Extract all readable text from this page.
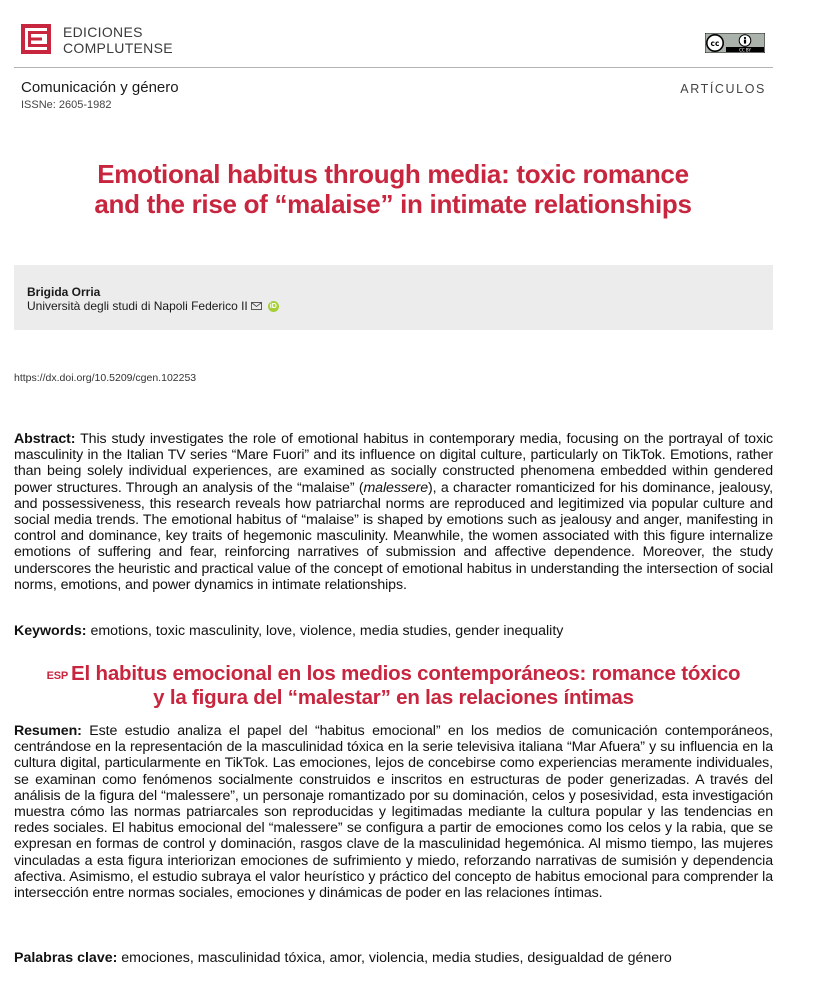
EDICIONES
COMPLUTENSE	cc
CC BY
Comunicación y género
ISSNe: 2605-1982
ARTÍCULOS
Emotional habitus through media: toxic romance
and the rise of “malaise” in intimate relationships
Brigida Orria
Università degli studi di Napoli Federico II	iD
https://dx.doi.org/10.5209/cgen.102253

Abstract: This study investigates the role of emotional habitus in contemporary media, focusing on the portrayal of toxic masculinity in the Italian TV series “Mare Fuori” and its influence on digital culture, particularly on TikTok. Emotions, rather than being solely individual experiences, are examined as socially constructed phenomena embedded within gendered power structures. Through an analysis of the “malaise” (malessere), a character romanticized for his dominance, jealousy, and possessiveness, this research reveals how patriarchal norms are reproduced and legitimized via popular culture and social media trends. The emotional habitus of “malaise” is shaped by emotions such as jealousy and anger, manifesting in control and dominance, key traits of hegemonic masculinity. Meanwhile, the women associated with this figure internalize emotions of suffering and fear, reinforcing narratives of submission and affective dependence. Moreover, the study underscores the heuristic and practical value of the concept of emotional habitus in understanding the intersection of social norms, emotions, and power dynamics in intimate relationships.

Keywords: emotions, toxic masculinity, love, violence, media studies, gender inequality

$^{ESP}$ El habitus emocional en los medios contemporáneos: romance tóxico
y la figura del “malestar” en las relaciones íntimas

Resumen: Este estudio analiza el papel del “habitus emocional” en los medios de comunicación contemporáneos, centrándose en la representación de la masculinidad tóxica en la serie televisiva italiana “Mar Afuera” y su influencia en la cultura digital, particularmente en TikTok. Las emociones, lejos de concebirse como experiencias meramente individuales, se examinan como fenómenos socialmente construidos e inscritos en estructuras de poder generizadas. A través del análisis de la figura del “malessere”, un personaje romantizado por su dominación, celos y posesividad, esta investigación muestra cómo las normas patriarcales son reproducidas y legitimadas mediante la cultura popular y las tendencias en redes sociales. El habitus emocional del “malessere” se configura a partir de emociones como los celos y la rabia, que se expresan en formas de control y dominación, rasgos clave de la masculinidad hegemónica. Al mismo tiempo, las mujeres vinculadas a esta figura interiorizan emociones de sufrimiento y miedo, reforzando narrativas de sumisión y dependencia afectiva. Asimismo, el estudio subraya el valor heurístico y práctico del concepto de habitus emocional para comprender la intersección entre normas sociales, emociones y dinámicas de poder en las relaciones íntimas.

Palabras clave: emociones, masculinidad tóxica, amor, violencia, media studies, desigualdad de género
